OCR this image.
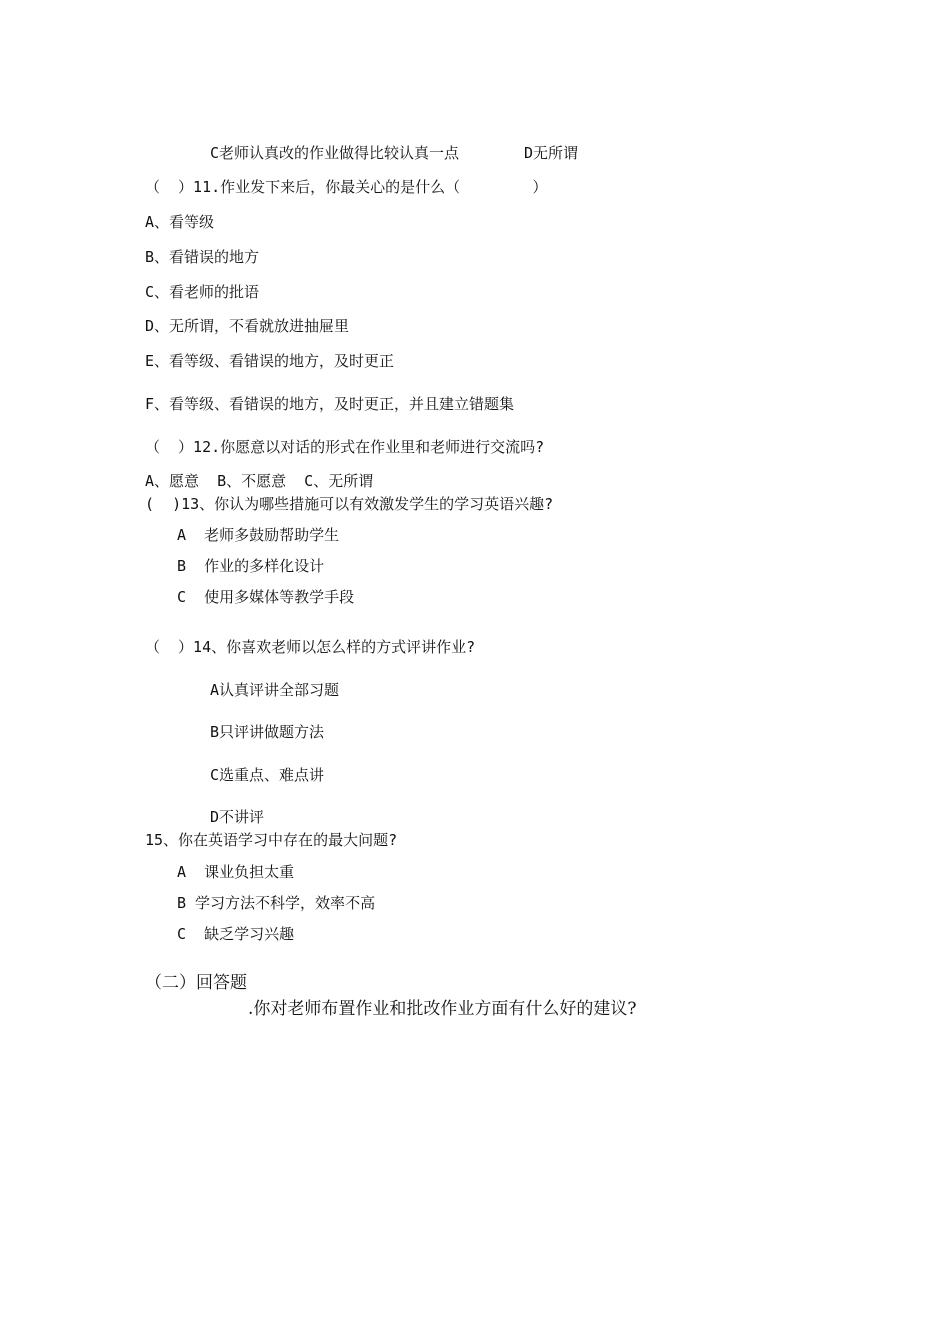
C老师认真改的作业做得比较认真一点	D无所谓
（  ）11.作业发下来后，你最关心的是什么（        ）
A、看等级
B、看错误的地方
C、看老师的批语
D、无所谓，不看就放进抽屉里
E、看等级、看错误的地方，及时更正
F、看等级、看错误的地方，及时更正，并且建立错题集
（  ）12.你愿意以对话的形式在作业里和老师进行交流吗?
A、愿意  B、不愿意  C、无所谓
(  )13、你认为哪些措施可以有效激发学生的学习英语兴趣?
A  老师多鼓励帮助学生
B  作业的多样化设计
C  使用多媒体等教学手段
（  ）14、你喜欢老师以怎么样的方式评讲作业?
A认真评讲全部习题
B只评讲做题方法
C选重点、难点讲
D不讲评
15、你在英语学习中存在的最大问题?
A  课业负担太重
B 学习方法不科学，效率不高
C  缺乏学习兴趣
（二）回答题
.你对老师布置作业和批改作业方面有什么好的建议?
